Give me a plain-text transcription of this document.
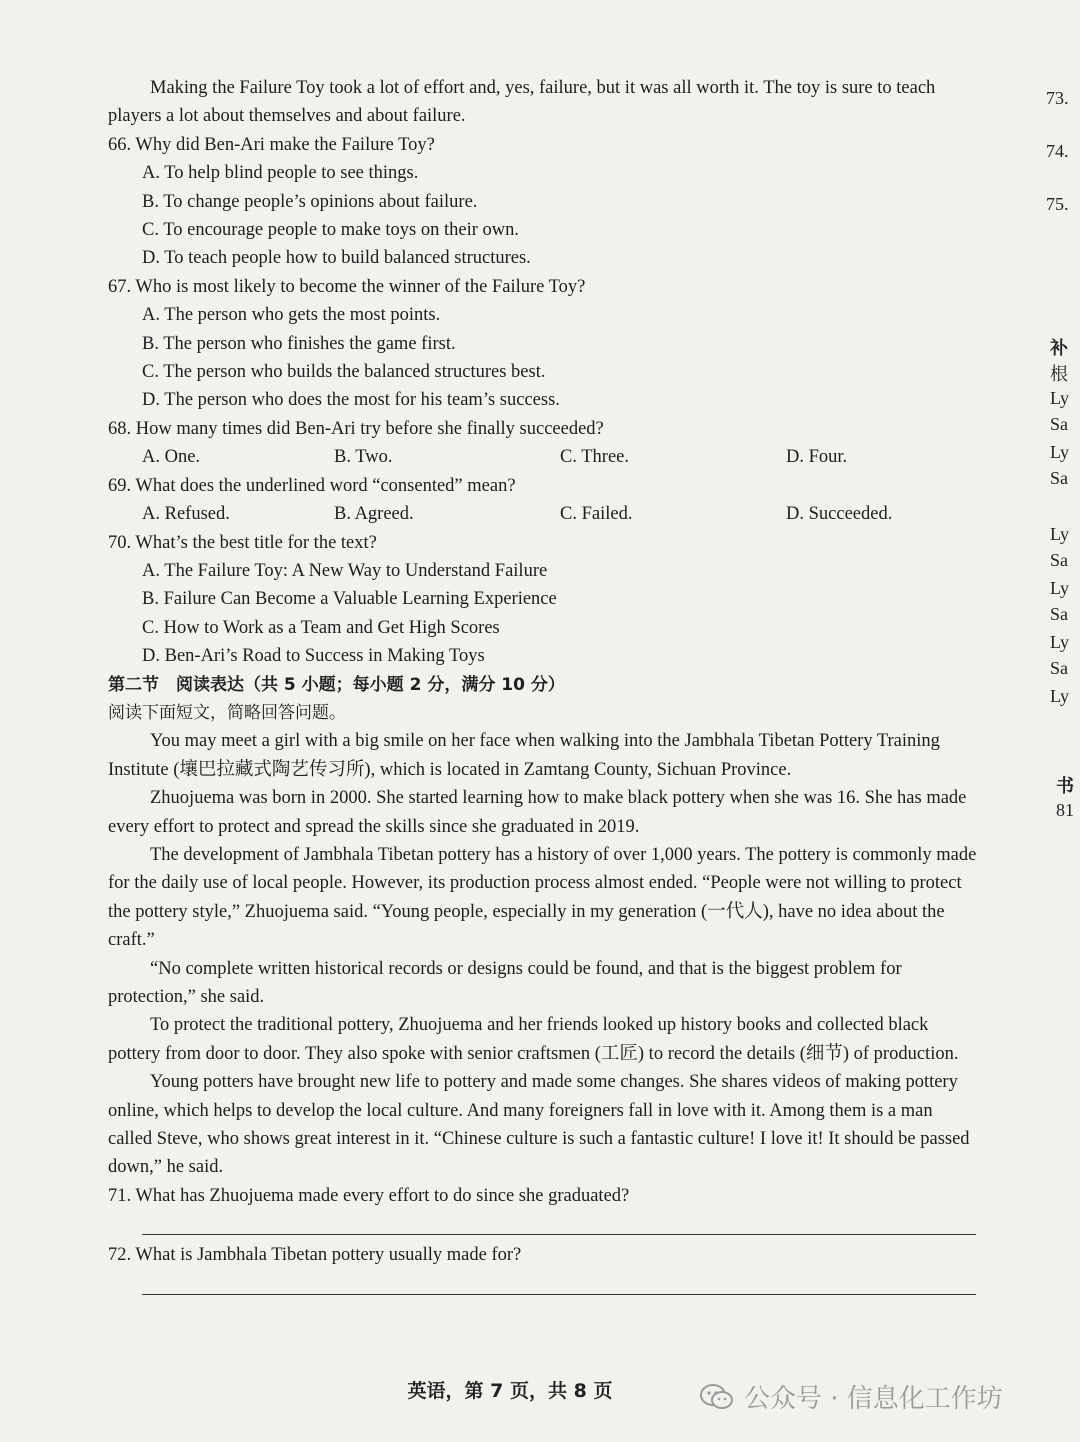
Making the Failure Toy took a lot of effort and, yes, failure, but it was all worth it. The toy is sure to teach players a lot about themselves and about failure.

66. Why did Ben-Ari make the Failure Toy?

A. To help blind people to see things.

B. To change people’s opinions about failure.

C. To encourage people to make toys on their own.

D. To teach people how to build balanced structures.

67. Who is most likely to become the winner of the Failure Toy?

A. The person who gets the most points.

B. The person who finishes the game first.

C. The person who builds the balanced structures best.

D. The person who does the most for his team’s success.

68. How many times did Ben-Ari try before she finally succeeded?

A. One.	B. Two.	C. Three.	D. Four.

69. What does the underlined word “consented” mean?

A. Refused.	B. Agreed.	C. Failed.	D. Succeeded.

70. What’s the best title for the text?

A. The Failure Toy: A New Way to Understand Failure

B. Failure Can Become a Valuable Learning Experience

C. How to Work as a Team and Get High Scores

D. Ben-Ari’s Road to Success in Making Toys

第二节　阅读表达（共 5 小题；每小题 2 分，满分 10 分）

阅读下面短文，简略回答问题。

You may meet a girl with a big smile on her face when walking into the Jambhala Tibetan Pottery Training Institute (壤巴拉藏式陶艺传习所), which is located in Zamtang County, Sichuan Province.

Zhuojuema was born in 2000. She started learning how to make black pottery when she was 16. She has made every effort to protect and spread the skills since she graduated in 2019.

The development of Jambhala Tibetan pottery has a history of over 1,000 years. The pottery is commonly made for the daily use of local people. However, its production process almost ended. “People were not willing to protect the pottery style,” Zhuojuema said. “Young people, especially in my generation (一代人), have no idea about the craft.”

“No complete written historical records or designs could be found, and that is the biggest problem for protection,” she said.

To protect the traditional pottery, Zhuojuema and her friends looked up history books and collected black pottery from door to door. They also spoke with senior craftsmen (工匠) to record the details (细节) of production.

Young potters have brought new life to pottery and made some changes. She shares videos of making pottery online, which helps to develop the local culture. And many foreigners fall in love with it. Among them is a man called Steve, who shows great interest in it. “Chinese culture is such a fantastic culture! I love it! It should be passed down,” he said.

71. What has Zhuojuema made every effort to do since she graduated?

72. What is Jambhala Tibetan pottery usually made for?

英语，第 7 页，共 8 页	公众号 · 信息化工作坊
73.
74.
75.
补
根
Ly
Sa
Ly
Sa
Ly
Sa
Ly
Sa
Ly
Sa
Ly
书
81
